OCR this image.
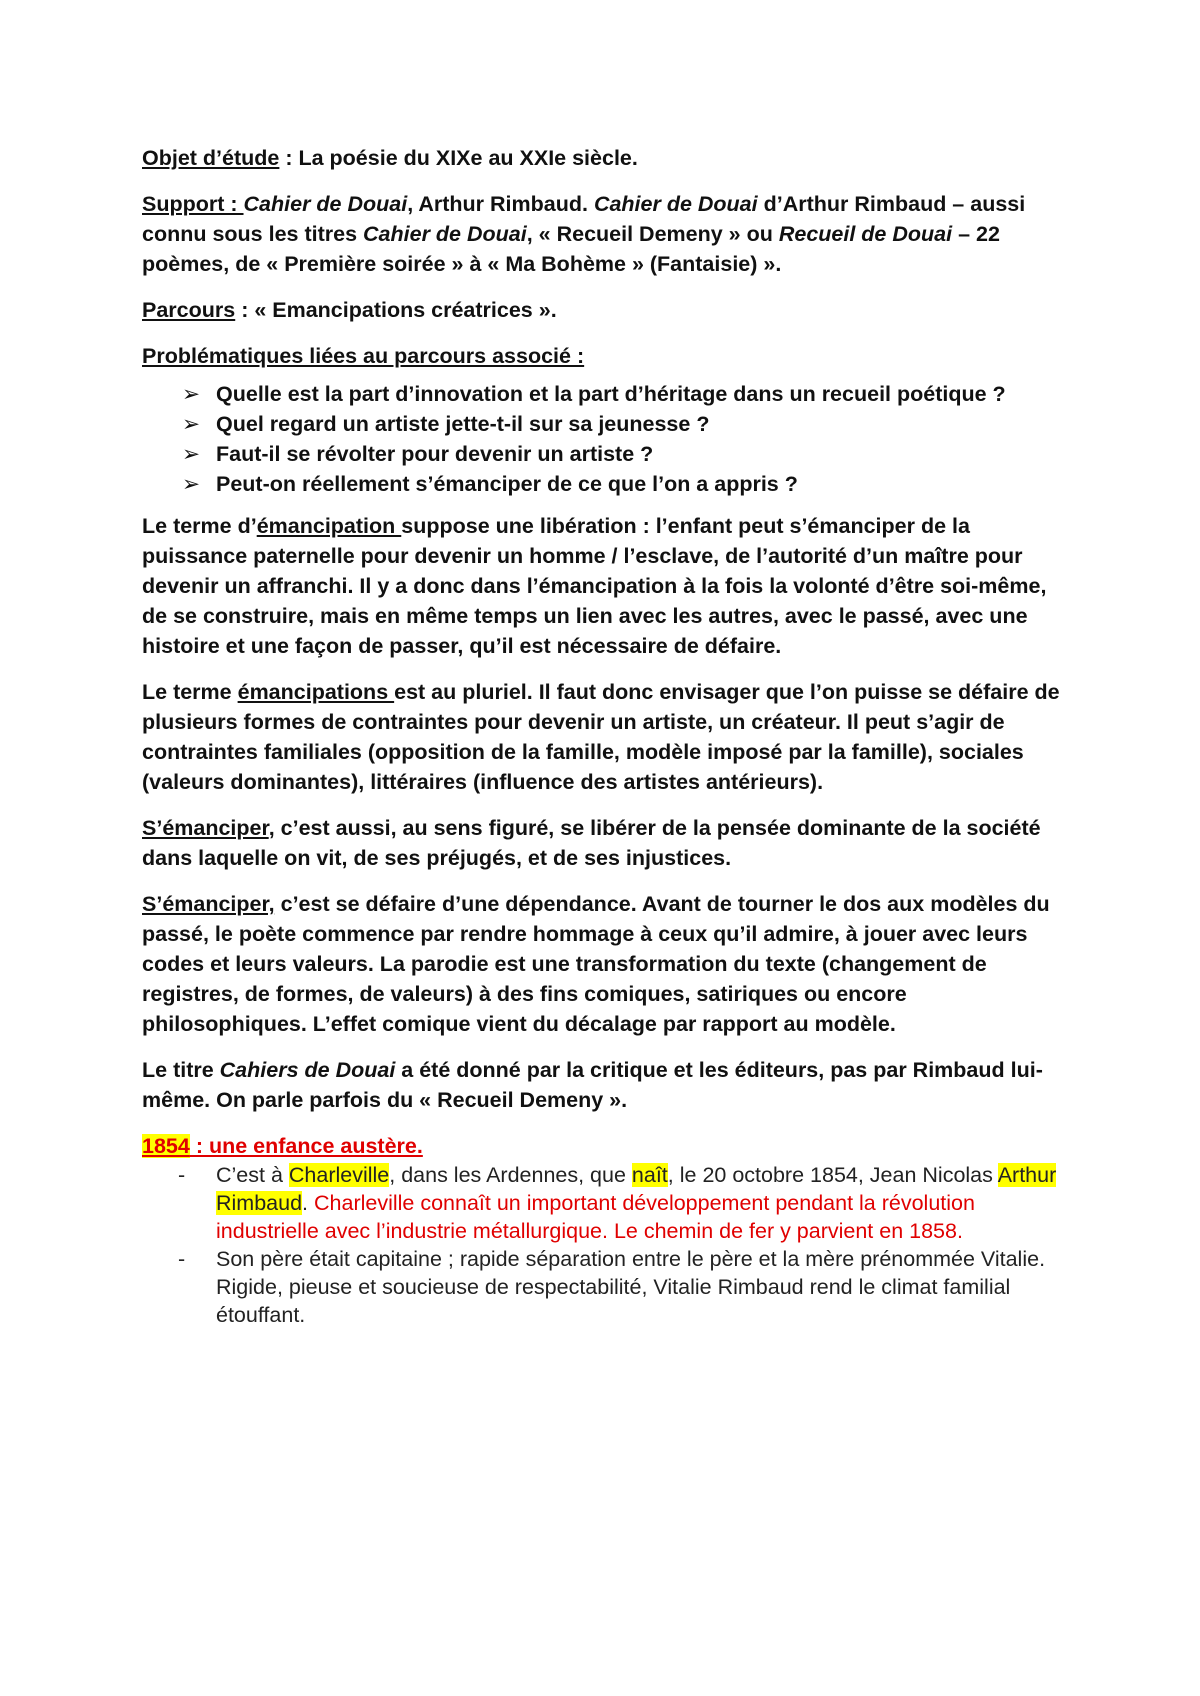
Objet d’étude : La poésie du XIXe au XXIe siècle.

Support : Cahier de Douai, Arthur Rimbaud. Cahier de Douai d’Arthur Rimbaud – aussi connu sous les titres Cahier de Douai, « Recueil Demeny » ou Recueil de Douai – 22 poèmes, de « Première soirée » à « Ma Bohème » (Fantaisie) ».

Parcours : « Emancipations créatrices ».

Problématiques liées au parcours associé :

➢ Quelle est la part d’innovation et la part d’héritage dans un recueil poétique ?
➢ Quel regard un artiste jette-t-il sur sa jeunesse ?
➢ Faut-il se révolter pour devenir un artiste ?
➢ Peut-on réellement s’émanciper de ce que l’on a appris ?

Le terme d’émancipation suppose une libération : l’enfant peut s’émanciper de la puissance paternelle pour devenir un homme / l’esclave, de l’autorité d’un maître pour devenir un affranchi. Il y a donc dans l’émancipation à la fois la volonté d’être soi-même, de se construire, mais en même temps un lien avec les autres, avec le passé, avec une histoire et une façon de passer, qu’il est nécessaire de défaire.

Le terme émancipations est au pluriel. Il faut donc envisager que l’on puisse se défaire de plusieurs formes de contraintes pour devenir un artiste, un créateur. Il peut s’agir de contraintes familiales (opposition de la famille, modèle imposé par la famille), sociales (valeurs dominantes), littéraires (influence des artistes antérieurs).

S’émanciper, c’est aussi, au sens figuré, se libérer de la pensée dominante de la société dans laquelle on vit, de ses préjugés, et de ses injustices.

S’émanciper, c’est se défaire d’une dépendance. Avant de tourner le dos aux modèles du passé, le poète commence par rendre hommage à ceux qu’il admire, à jouer avec leurs codes et leurs valeurs. La parodie est une transformation du texte (changement de registres, de formes, de valeurs) à des fins comiques, satiriques ou encore philosophiques. L’effet comique vient du décalage par rapport au modèle.

Le titre Cahiers de Douai a été donné par la critique et les éditeurs, pas par Rimbaud lui-même. On parle parfois du « Recueil Demeny ».

1854 : une enfance austère.

- C’est à Charleville, dans les Ardennes, que naît, le 20 octobre 1854, Jean Nicolas Arthur Rimbaud. Charleville connaît un important développement pendant la révolution industrielle avec l’industrie métallurgique. Le chemin de fer y parvient en 1858.
- Son père était capitaine ; rapide séparation entre le père et la mère prénommée Vitalie. Rigide, pieuse et soucieuse de respectabilité, Vitalie Rimbaud rend le climat familial étouffant.
